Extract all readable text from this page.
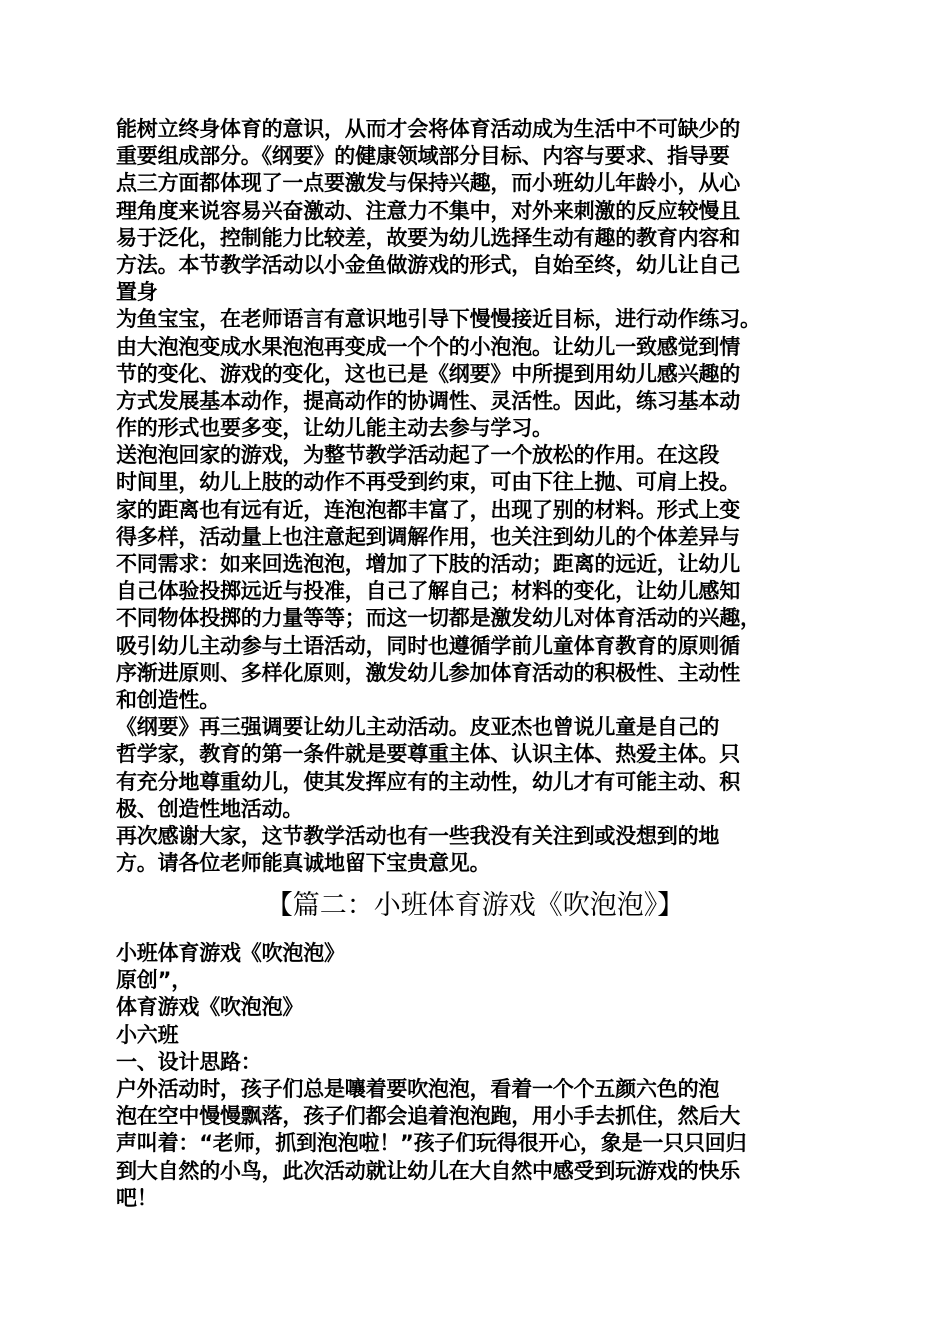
能树立终身体育的意识，从而才会将体育活动成为生活中不可缺少的
重要组成部分。《纲要》的健康领域部分目标、内容与要求、指导要
点三方面都体现了一点要激发与保持兴趣，而小班幼儿年龄小，从心
理角度来说容易兴奋激动、注意力不集中，对外来刺激的反应较慢且
易于泛化，控制能力比较差，故要为幼儿选择生动有趣的教育内容和
方法。本节教学活动以小金鱼做游戏的形式，自始至终，幼儿让自己
置身
为鱼宝宝，在老师语言有意识地引导下慢慢接近目标，进行动作练习。
由大泡泡变成水果泡泡再变成一个个的小泡泡。让幼儿一致感觉到情
节的变化、游戏的变化，这也已是《纲要》中所提到用幼儿感兴趣的
方式发展基本动作，提高动作的协调性、灵活性。因此，练习基本动
作的形式也要多变，让幼儿能主动去参与学习。
送泡泡回家的游戏，为整节教学活动起了一个放松的作用。在这段
时间里，幼儿上肢的动作不再受到约束，可由下往上抛、可肩上投。
家的距离也有远有近，连泡泡都丰富了，出现了别的材料。形式上变
得多样，活动量上也注意起到调解作用，也关注到幼儿的个体差异与
不同需求：如来回选泡泡，增加了下肢的活动；距离的远近，让幼儿
自己体验投掷远近与投准，自己了解自己；材料的变化，让幼儿感知
不同物体投掷的力量等等；而这一切都是激发幼儿对体育活动的兴趣，
吸引幼儿主动参与土语活动，同时也遵循学前儿童体育教育的原则循
序渐进原则、多样化原则，激发幼儿参加体育活动的积极性、主动性
和创造性。
《纲要》再三强调要让幼儿主动活动。皮亚杰也曾说儿童是自己的
哲学家，教育的第一条件就是要尊重主体、认识主体、热爱主体。只
有充分地尊重幼儿，使其发挥应有的主动性，幼儿才有可能主动、积
极、创造性地活动。
再次感谢大家，这节教学活动也有一些我没有关注到或没想到的地
方。请各位老师能真诚地留下宝贵意见。
【篇二：小班体育游戏《吹泡泡》】
小班体育游戏《吹泡泡》
原创”，
体育游戏《吹泡泡》
小六班
一、设计思路：
户外活动时，孩子们总是嚷着要吹泡泡，看着一个个五颜六色的泡
泡在空中慢慢飘落，孩子们都会追着泡泡跑，用小手去抓住，然后大
声叫着：“老师，抓到泡泡啦！”孩子们玩得很开心，象是一只只回归
到大自然的小鸟，此次活动就让幼儿在大自然中感受到玩游戏的快乐
吧！
